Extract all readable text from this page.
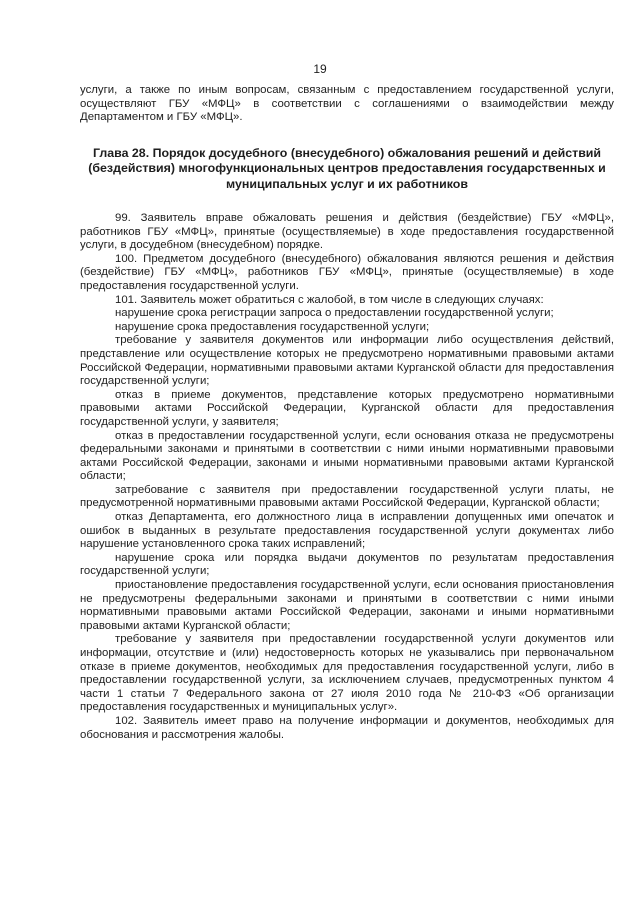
19

услуги, а также по иным вопросам, связанным с предоставлением государственной услуги, осуществляют ГБУ «МФЦ» в соответствии с соглашениями о взаимодействии между Департаментом и ГБУ «МФЦ».

Глава 28. Порядок досудебного (внесудебного) обжалования решений и действий (бездействия) многофункциональных центров предоставления государственных и муниципальных услуг и их работников

99. Заявитель вправе обжаловать решения и действия (бездействие) ГБУ «МФЦ», работников ГБУ «МФЦ», принятые (осуществляемые) в ходе предоставления государственной услуги, в досудебном (внесудебном) порядке.

100. Предметом досудебного (внесудебного) обжалования являются решения и действия (бездействие) ГБУ «МФЦ», работников ГБУ «МФЦ», принятые (осуществляемые) в ходе предоставления государственной услуги.

101. Заявитель может обратиться с жалобой, в том числе в следующих случаях:

нарушение срока регистрации запроса о предоставлении государственной услуги;

нарушение срока предоставления государственной услуги;

требование у заявителя документов или информации либо осуществления действий, представление или осуществление которых не предусмотрено нормативными правовыми актами Российской Федерации, нормативными правовыми актами Курганской области для предоставления государственной услуги;

отказ в приеме документов, представление которых предусмотрено нормативными правовыми актами Российской Федерации, Курганской области для предоставления государственной услуги, у заявителя;

отказ в предоставлении государственной услуги, если основания отказа не предусмотрены федеральными законами и принятыми в соответствии с ними иными нормативными правовыми актами Российской Федерации, законами и иными нормативными правовыми актами Курганской области;

затребование с заявителя при предоставлении государственной услуги платы, не предусмотренной нормативными правовыми актами Российской Федерации, Курганской области;

отказ Департамента, его должностного лица в исправлении допущенных ими опечаток и ошибок в выданных в результате предоставления государственной услуги документах либо нарушение установленного срока таких исправлений;

нарушение срока или порядка выдачи документов по результатам предоставления государственной услуги;

приостановление предоставления государственной услуги, если основания приостановления не предусмотрены федеральными законами и принятыми в соответствии с ними иными нормативными правовыми актами Российской Федерации, законами и иными нормативными правовыми актами Курганской области;

требование у заявителя при предоставлении государственной услуги документов или информации, отсутствие и (или) недостоверность которых не указывались при первоначальном отказе в приеме документов, необходимых для предоставления государственной услуги, либо в предоставлении государственной услуги, за исключением случаев, предусмотренных пунктом 4 части 1 статьи 7 Федерального закона от 27 июля 2010 года № 210-ФЗ «Об организации предоставления государственных и муниципальных услуг».

102. Заявитель имеет право на получение информации и документов, необходимых для обоснования и рассмотрения жалобы.
